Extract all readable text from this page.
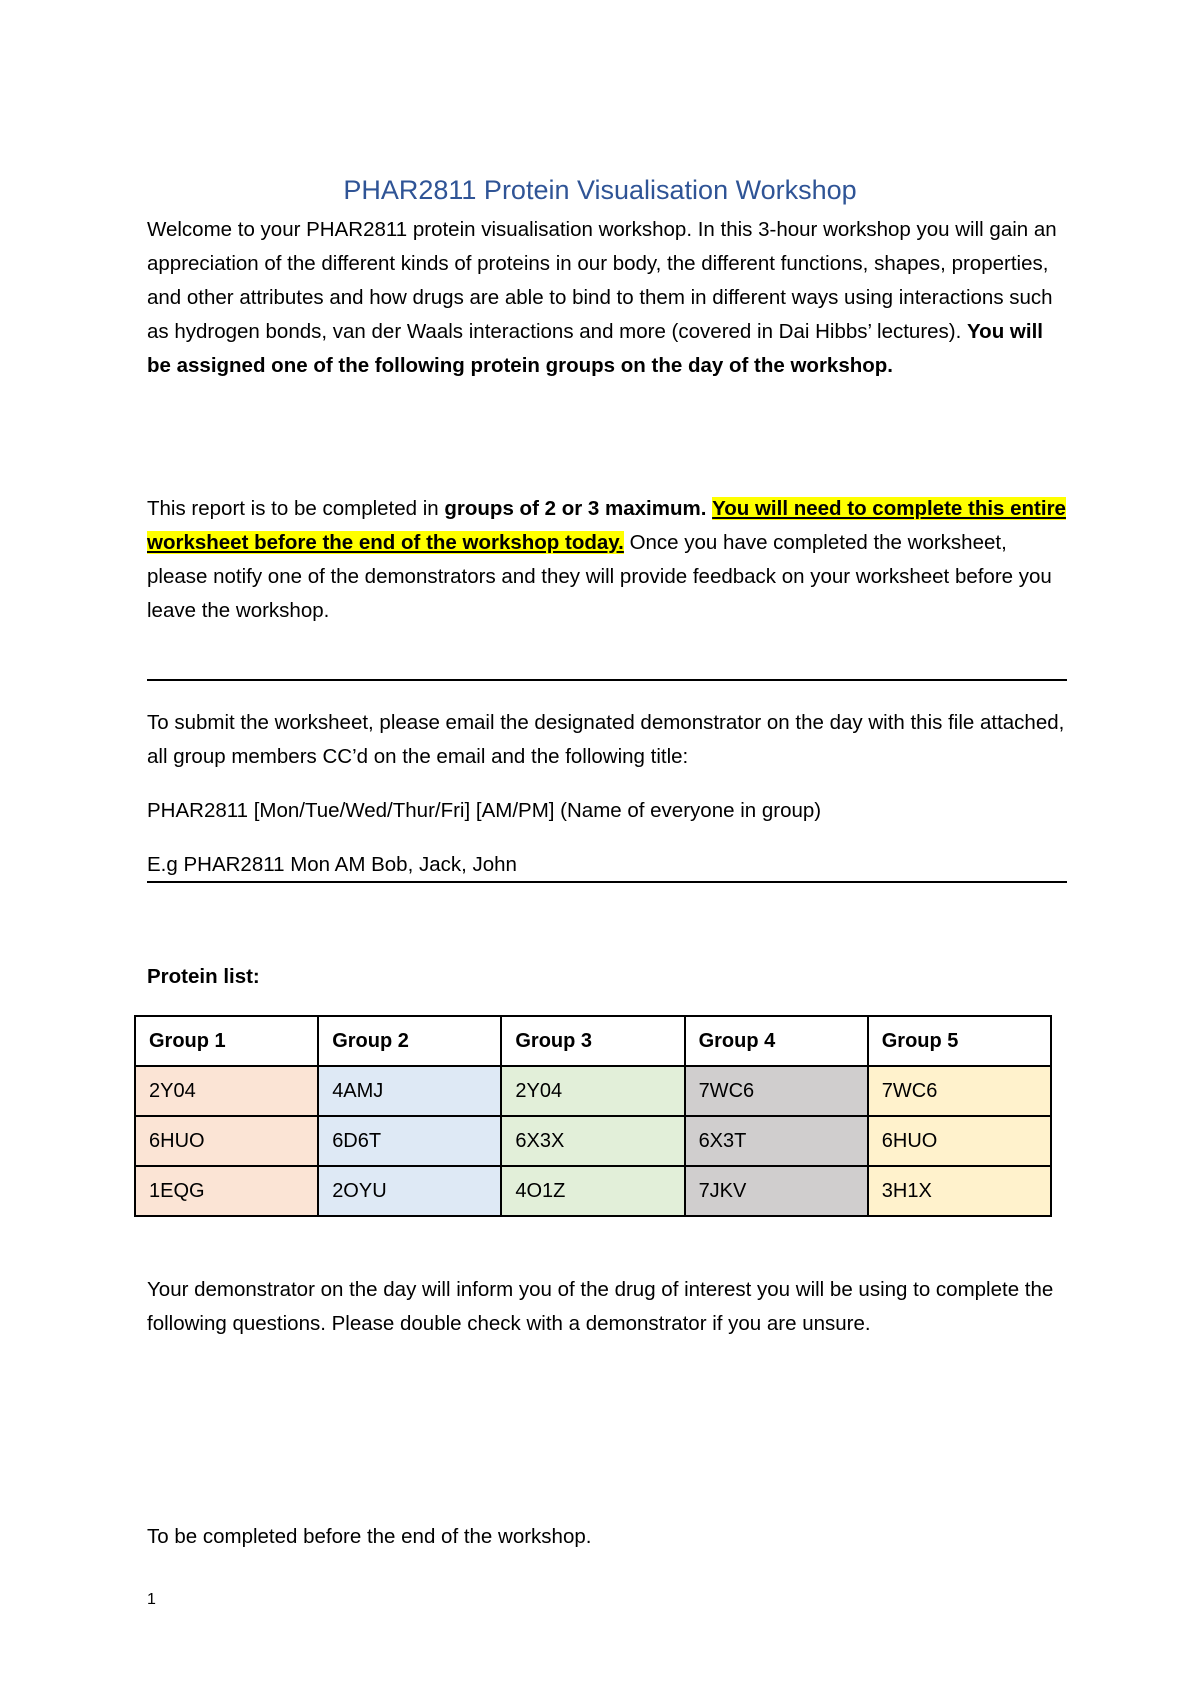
PHAR2811 Protein Visualisation Workshop
Welcome to your PHAR2811 protein visualisation workshop. In this 3-hour workshop you will gain an appreciation of the different kinds of proteins in our body, the different functions, shapes, properties, and other attributes and how drugs are able to bind to them in different ways using interactions such as hydrogen bonds, van der Waals interactions and more (covered in Dai Hibbs’ lectures). You will be assigned one of the following protein groups on the day of the workshop.
This report is to be completed in groups of 2 or 3 maximum. You will need to complete this entire worksheet before the end of the workshop today. Once you have completed the worksheet, please notify one of the demonstrators and they will provide feedback on your worksheet before you leave the workshop.
To submit the worksheet, please email the designated demonstrator on the day with this file attached, all group members CC’d on the email and the following title:
PHAR2811 [Mon/Tue/Wed/Thur/Fri] [AM/PM] (Name of everyone in group)
E.g PHAR2811 Mon AM Bob, Jack, John
Protein list:
Group 1	Group 2	Group 3	Group 4	Group 5
2Y04	4AMJ	2Y04	7WC6	7WC6
6HUO	6D6T	6X3X	6X3T	6HUO
1EQG	2OYU	4O1Z	7JKV	3H1X
Your demonstrator on the day will inform you of the drug of interest you will be using to complete the following questions. Please double check with a demonstrator if you are unsure.
To be completed before the end of the workshop.
1
